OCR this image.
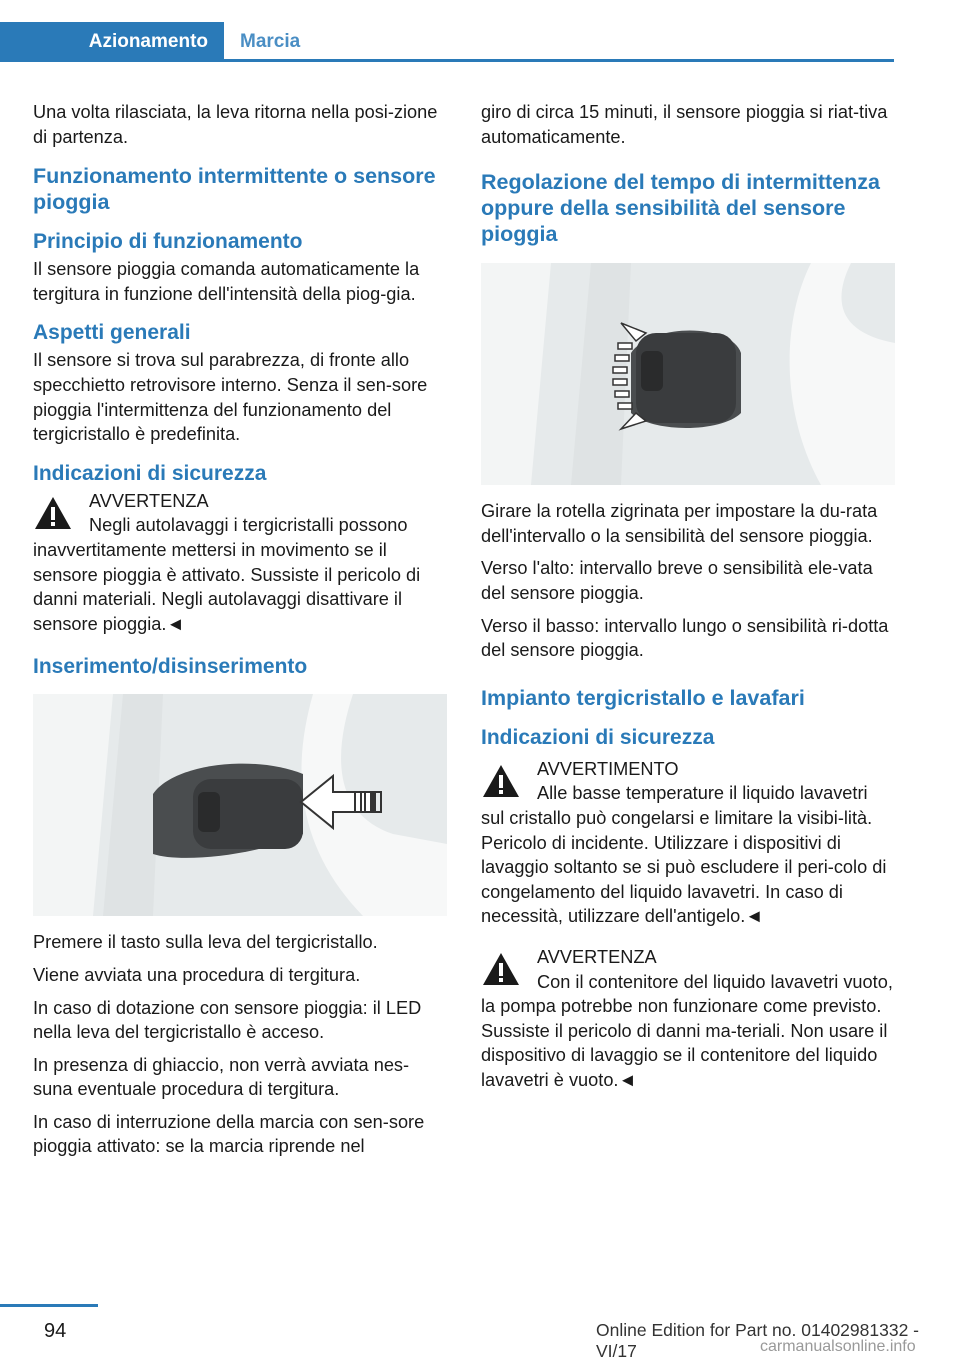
Azionamento	Marcia

Una volta rilasciata, la leva ritorna nella posi-zione di partenza.

Funzionamento intermittente o sensore pioggia
Principio di funzionamento

Il sensore pioggia comanda automaticamente la tergitura in funzione dell'intensità della piog-gia.

Aspetti generali

Il sensore si trova sul parabrezza, di fronte allo specchietto retrovisore interno. Senza il sen-sore pioggia l'intermittenza del funzionamento del tergicristallo è predefinita.

Indicazioni di sicurezza
AVVERTENZA

Negli autolavaggi i tergicristalli possono inavvertitamente mettersi in movimento se il sensore pioggia è attivato. Sussiste il pericolo di danni materiali. Negli autolavaggi disattivare il sensore pioggia.◄
Inserimento/disinserimento

Premere il tasto sulla leva del tergicristallo.

Viene avviata una procedura di tergitura.

In caso di dotazione con sensore pioggia: il LED nella leva del tergicristallo è acceso.

In presenza di ghiaccio, non verrà avviata nes-suna eventuale procedura di tergitura.

In caso di interruzione della marcia con sen-sore pioggia attivato: se la marcia riprende nel

giro di circa 15 minuti, il sensore pioggia si riat-tiva automaticamente.

Regolazione del tempo di intermittenza oppure della sensibilità del sensore pioggia

Girare la rotella zigrinata per impostare la du-rata dell'intervallo o la sensibilità del sensore pioggia.

Verso l'alto: intervallo breve o sensibilità ele-vata del sensore pioggia.

Verso il basso: intervallo lungo o sensibilità ri-dotta del sensore pioggia.

Impianto tergicristallo e lavafari
Indicazioni di sicurezza
AVVERTIMENTO
Alle basse temperature il liquido lavavetri sul cristallo può congelarsi e limitare la visibi-lità. Pericolo di incidente. Utilizzare i dispositivi di lavaggio soltanto se si può escludere il peri-colo di congelamento del liquido lavavetri. In caso di necessità, utilizzare dell'antigelo.◄
AVVERTENZA
Con il contenitore del liquido lavavetri vuoto, la pompa potrebbe non funzionare come previsto. Sussiste il pericolo di danni ma-teriali. Non usare il dispositivo di lavaggio se il contenitore del liquido lavavetri è vuoto.◄
94	Online Edition for Part no. 01402981332 - VI/17	carmanualsonline.info
